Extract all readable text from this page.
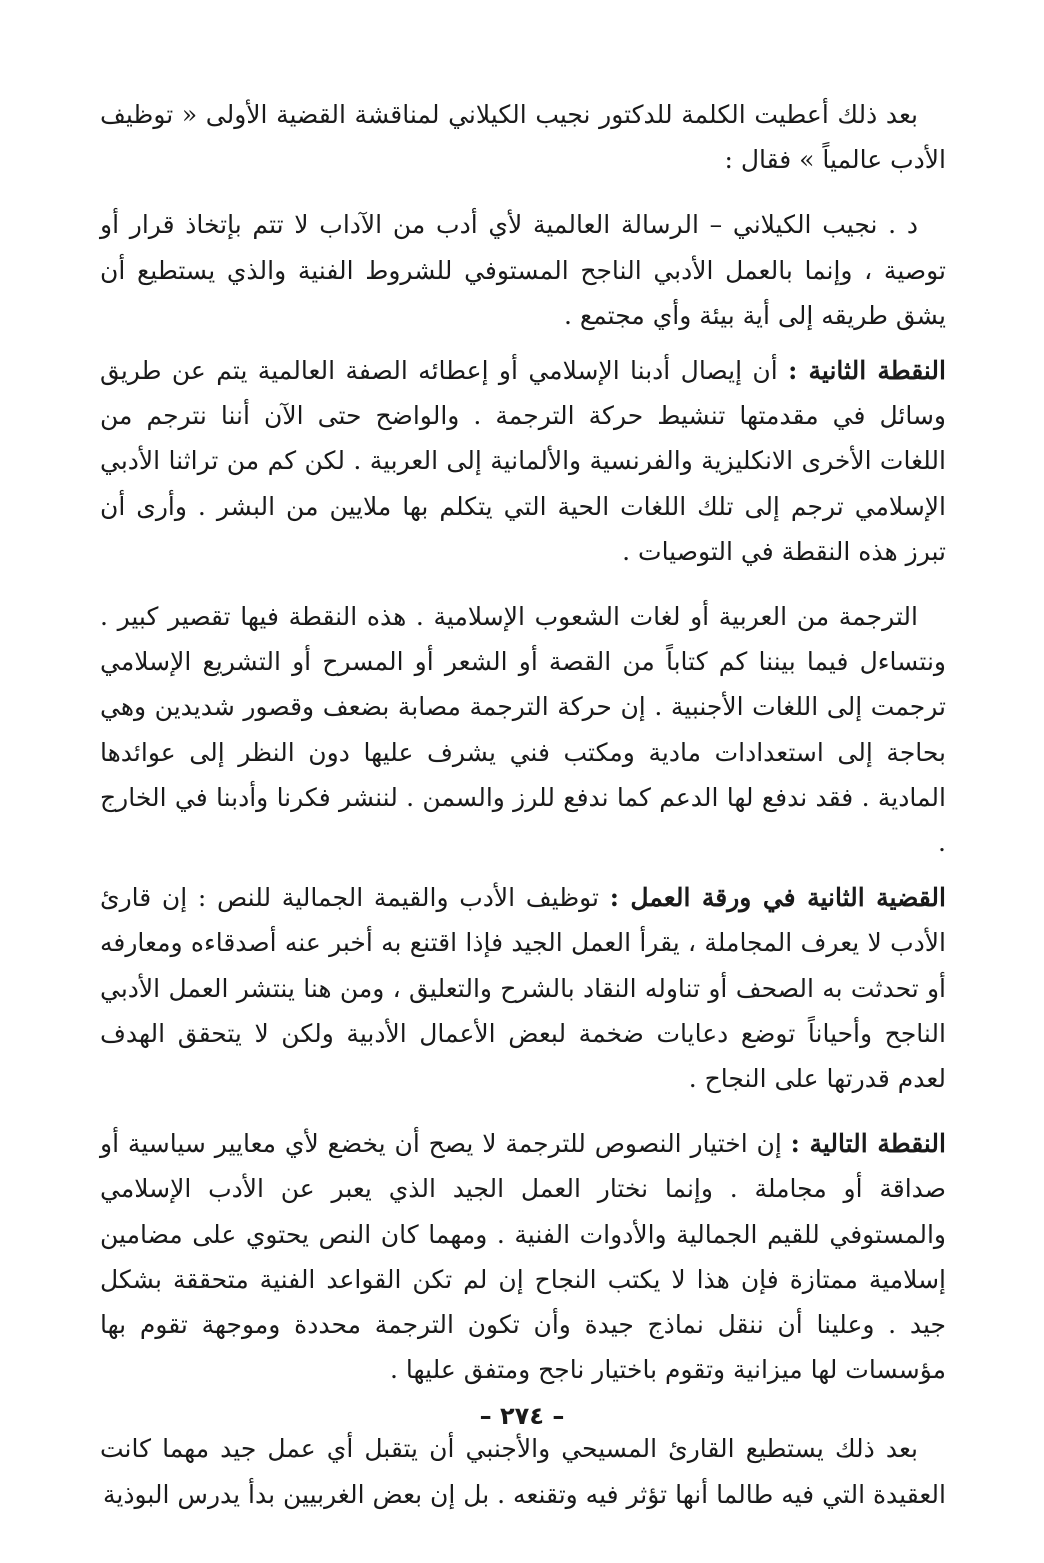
بعد ذلك أعطيت الكلمة للدكتور نجيب الكيلاني لمناقشة القضية الأولى « توظيف الأدب عالمياً » فقال :

د . نجيب الكيلاني – الرسالة العالمية لأي أدب من الآداب لا تتم بإتخاذ قرار أو توصية ، وإنما بالعمل الأدبي الناجح المستوفي للشروط الفنية والذي يستطيع أن يشق طريقه إلى أية بيئة وأي مجتمع .

النقطة الثانية : أن إيصال أدبنا الإسلامي أو إعطائه الصفة العالمية يتم عن طريق وسائل في مقدمتها تنشيط حركة الترجمة . والواضح حتى الآن أننا نترجم من اللغات الأخرى الانكليزية والفرنسية والألمانية إلى العربية . لكن كم من تراثنا الأدبي الإسلامي ترجم إلى تلك اللغات الحية التي يتكلم بها ملايين من البشر . وأرى أن تبرز هذه النقطة في التوصيات .

الترجمة من العربية أو لغات الشعوب الإسلامية . هذه النقطة فيها تقصير كبير . ونتساءل فيما بيننا كم كتاباً من القصة أو الشعر أو المسرح أو التشريع الإسلامي ترجمت إلى اللغات الأجنبية . إن حركة الترجمة مصابة بضعف وقصور شديدين وهي بحاجة إلى استعدادات مادية ومكتب فني يشرف عليها دون النظر إلى عوائدها المادية . فقد ندفع لها الدعم كما ندفع للرز والسمن . لننشر فكرنا وأدبنا في الخارج .

القضية الثانية في ورقة العمل : توظيف الأدب والقيمة الجمالية للنص : إن قارئ الأدب لا يعرف المجاملة ، يقرأ العمل الجيد فإذا اقتنع به أخبر عنه أصدقاءه ومعارفه أو تحدثت به الصحف أو تناوله النقاد بالشرح والتعليق ، ومن هنا ينتشر العمل الأدبي الناجح وأحياناً توضع دعايات ضخمة لبعض الأعمال الأدبية ولكن لا يتحقق الهدف لعدم قدرتها على النجاح .

النقطة التالية : إن اختيار النصوص للترجمة لا يصح أن يخضع لأي معايير سياسية أو صداقة أو مجاملة . وإنما نختار العمل الجيد الذي يعبر عن الأدب الإسلامي والمستوفي للقيم الجمالية والأدوات الفنية . ومهما كان النص يحتوي على مضامين إسلامية ممتازة فإن هذا لا يكتب النجاح إن لم تكن القواعد الفنية متحققة بشكل جيد . وعلينا أن ننقل نماذج جيدة وأن تكون الترجمة محددة وموجهة تقوم بها مؤسسات لها ميزانية وتقوم باختيار ناجح ومتفق عليها .

بعد ذلك يستطيع القارئ المسيحي والأجنبي أن يتقبل أي عمل جيد مهما كانت العقيدة التي فيه طالما أنها تؤثر فيه وتقنعه . بل إن بعض الغربيين بدأ يدرس البوذية

– ٢٧٤ –
